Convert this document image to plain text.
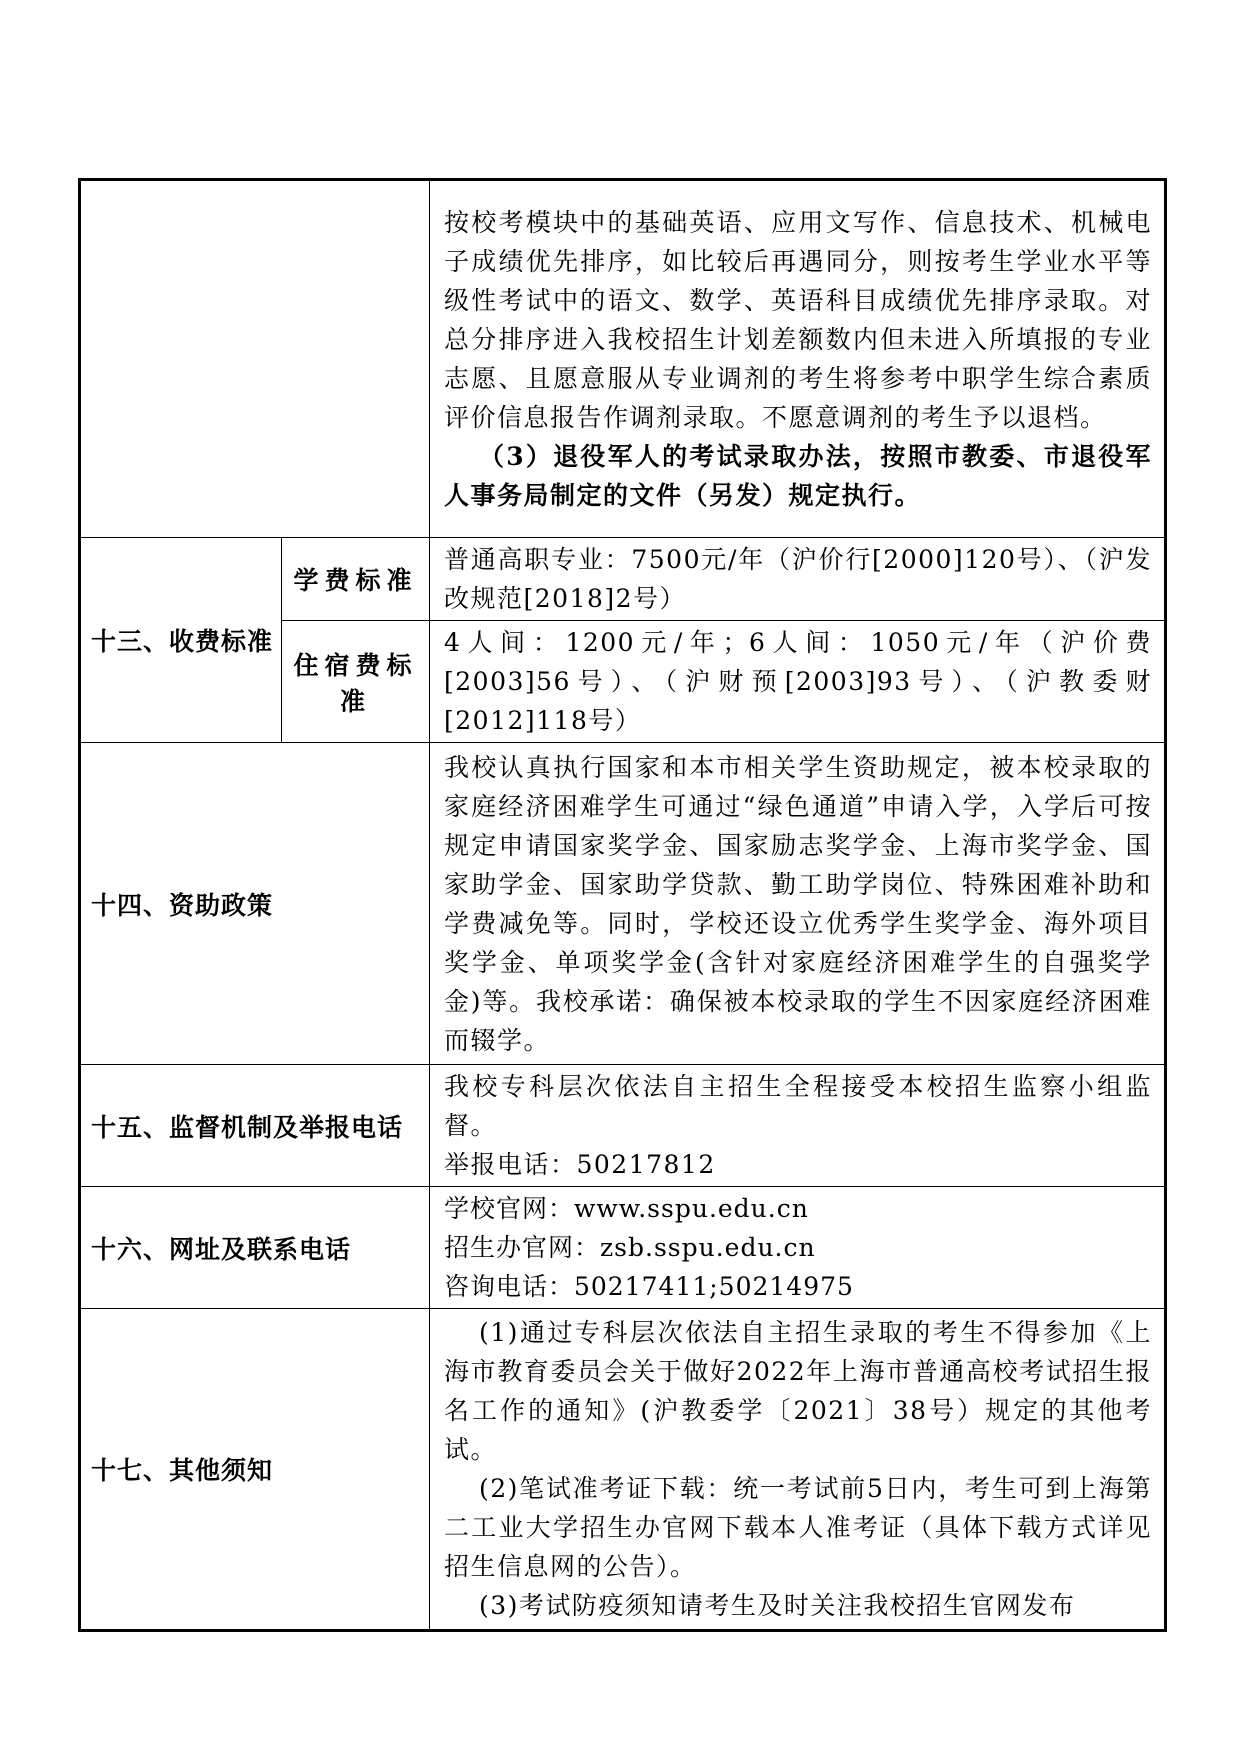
		按校考模块中的基础英语、应用文写作、信息技术、机械电子成绩优先排序，如比较后再遇同分，则按考生学业水平等级性考试中的语文、数学、英语科目成绩优先排序录取。对总分排序进入我校招生计划差额数内但未进入所填报的专业志愿、且愿意服从专业调剂的考生将参考中职学生综合素质评价信息报告作调剂录取。不愿意调剂的考生予以退档。

（3）退役军人的考试录取办法，按照市教委、市退役军人事务局制定的文件（另发）规定执行。

十三、收费标准	学费标准	普通高职专业：7500元/年（沪价行[2000]120号）、（沪发改规范[2018]2号）
	住宿费标准	4人间：1200元/年；6人间：1050元/年（沪价费[2003]56号）、（沪财预[2003]93号）、（沪教委财[2012]118号）
十四、资助政策		我校认真执行国家和本市相关学生资助规定，被本校录取的家庭经济困难学生可通过“绿色通道”申请入学，入学后可按规定申请国家奖学金、国家励志奖学金、上海市奖学金、国家助学金、国家助学贷款、勤工助学岗位、特殊困难补助和学费减免等。同时，学校还设立优秀学生奖学金、海外项目奖学金、单项奖学金(含针对家庭经济困难学生的自强奖学金)等。我校承诺：确保被本校录取的学生不因家庭经济困难而辍学。
十五、监督机制及举报电话		我校专科层次依法自主招生全程接受本校招生监察小组监督。

举报电话：50217812

十六、网址及联系电话		学校官网：www.sspu.edu.cn

招生办官网：zsb.sspu.edu.cn

咨询电话：50217411;50214975

十七、其他须知		(1)通过专科层次依法自主招生录取的考生不得参加《上海市教育委员会关于做好2022年上海市普通高校考试招生报名工作的通知》(沪教委学〔2021〕38号）规定的其他考试。

(2)笔试准考证下载：统一考试前5日内，考生可到上海第二工业大学招生办官网下载本人准考证（具体下载方式详见招生信息网的公告）。

(3)考试防疫须知请考生及时关注我校招生官网发布
